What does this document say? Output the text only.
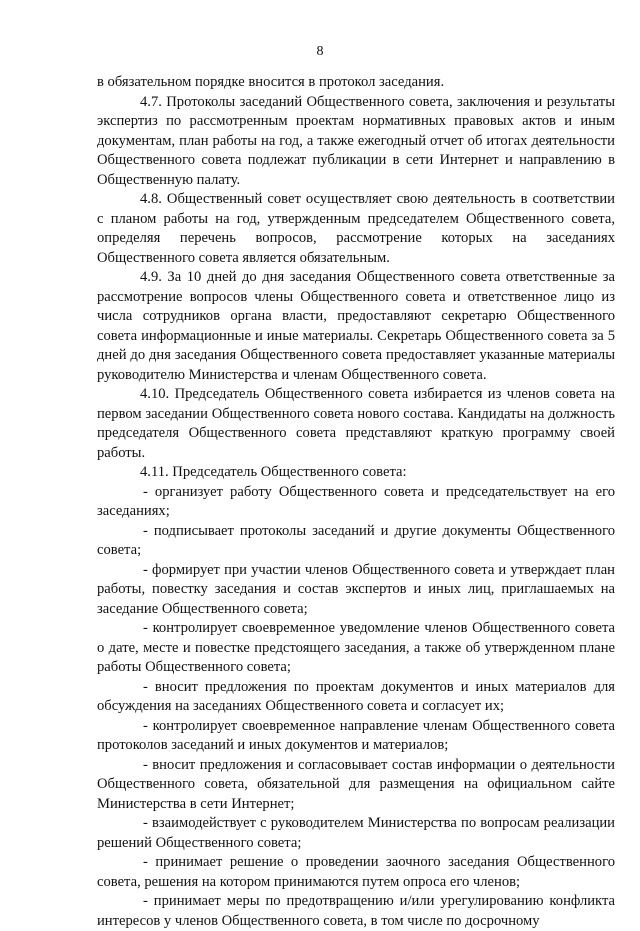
8

в обязательном порядке вносится в протокол заседания.

4.7. Протоколы заседаний Общественного совета, заключения и результаты экспертиз по рассмотренным проектам нормативных правовых актов и иным документам, план работы на год, а также ежегодный отчет об итогах деятельности Общественного совета подлежат публикации в сети Интернет и направлению в Общественную палату.

4.8. Общественный совет осуществляет свою деятельность в соответствии с планом работы на год, утвержденным председателем Общественного совета, определяя перечень вопросов, рассмотрение которых на заседаниях Общественного совета является обязательным.

4.9. За 10 дней до дня заседания Общественного совета ответственные за рассмотрение вопросов члены Общественного совета и ответственное лицо из числа сотрудников органа власти, предоставляют секретарю Общественного совета информационные и иные материалы. Секретарь Общественного совета за 5 дней до дня заседания Общественного совета предоставляет указанные материалы руководителю Министерства и членам Общественного совета.

4.10. Председатель Общественного совета избирается из членов совета на первом заседании Общественного совета нового состава. Кандидаты на должность председателя Общественного совета представляют краткую программу своей работы.

4.11. Председатель Общественного совета:

- организует работу Общественного совета и председательствует на его заседаниях;

- подписывает протоколы заседаний и другие документы Общественного совета;

- формирует при участии членов Общественного совета и утверждает план работы, повестку заседания и состав экспертов и иных лиц, приглашаемых на заседание Общественного совета;

- контролирует своевременное уведомление членов Общественного совета о дате, месте и повестке предстоящего заседания, а также об утвержденном плане работы Общественного совета;

- вносит предложения по проектам документов и иных материалов для обсуждения на заседаниях Общественного совета и согласует их;

- контролирует своевременное направление членам Общественного совета протоколов заседаний и иных документов и материалов;

- вносит предложения и согласовывает состав информации о деятельности Общественного совета, обязательной для размещения на официальном сайте Министерства в сети Интернет;

- взаимодействует с руководителем Министерства по вопросам реализации решений Общественного совета;

- принимает решение о проведении заочного заседания Общественного совета, решения на котором принимаются путем опроса его членов;

- принимает меры по предотвращению и/или урегулированию конфликта интересов у членов Общественного совета, в том числе по досрочному
